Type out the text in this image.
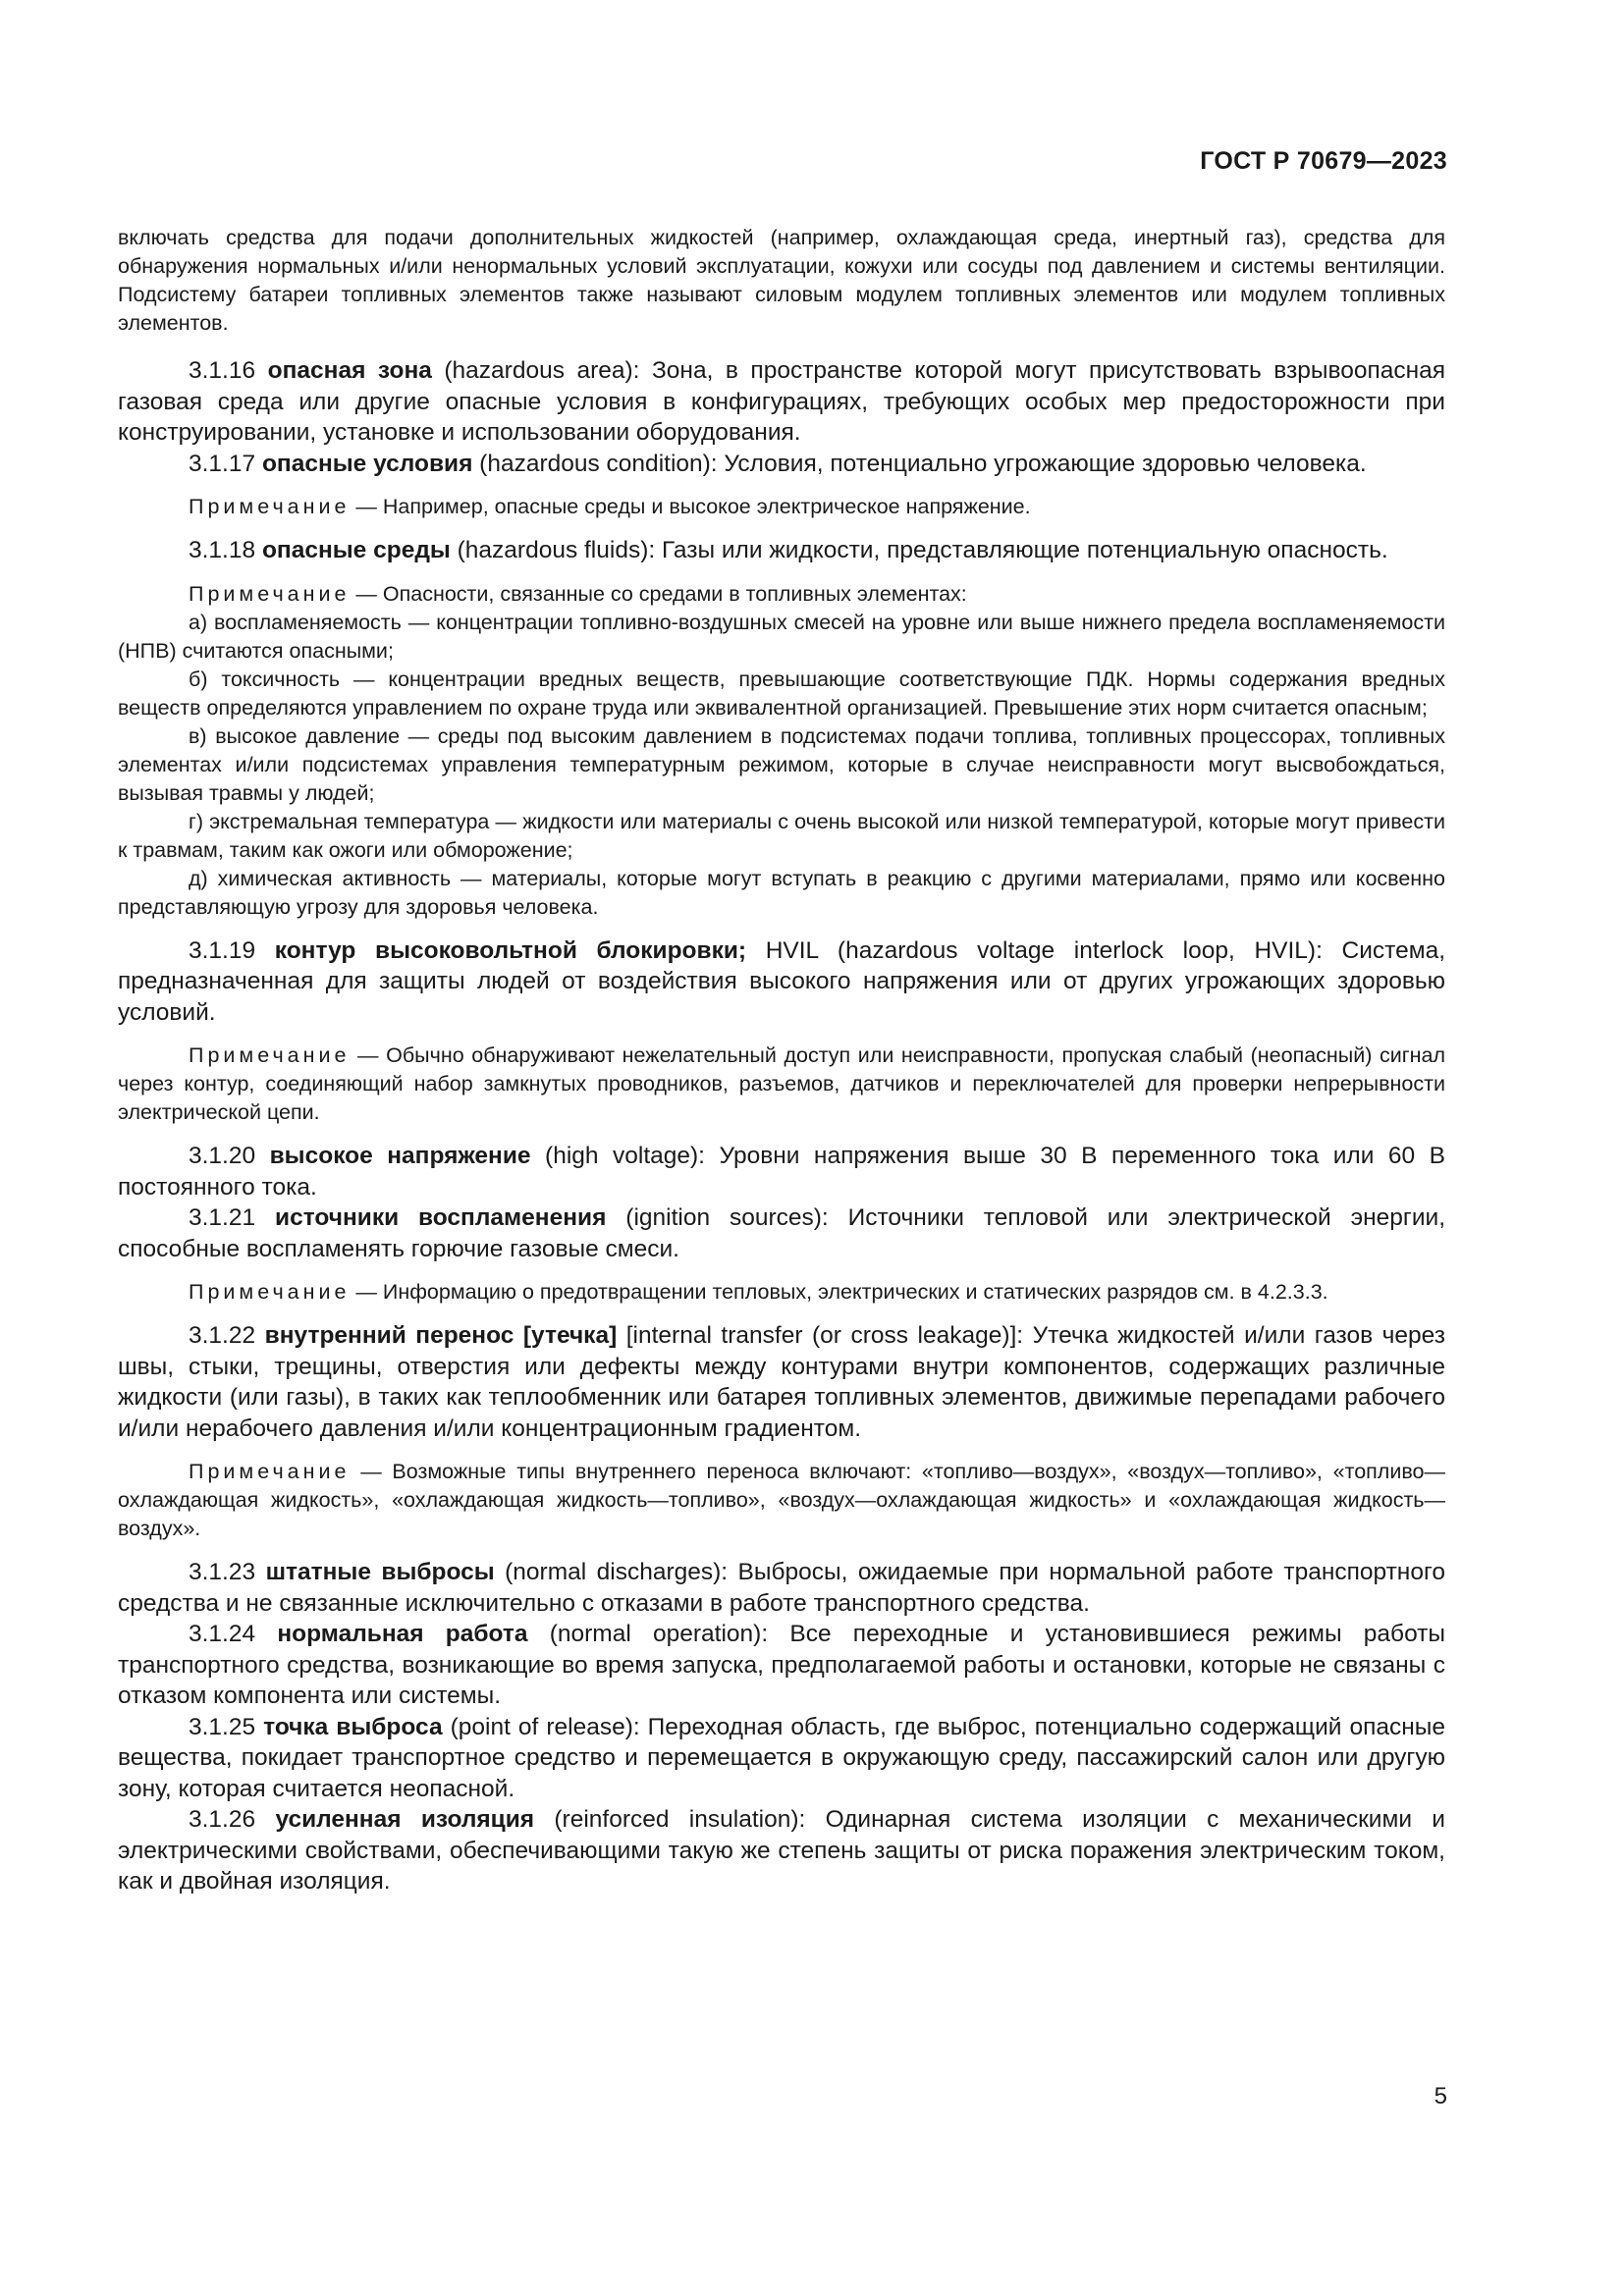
ГОСТ Р 70679—2023

включать средства для подачи дополнительных жидкостей (например, охлаждающая среда, инертный газ), средства для обнаружения нормальных и/или ненормальных условий эксплуатации, кожухи или сосуды под давлением и системы вентиляции. Подсистему батареи топливных элементов также называют силовым модулем топливных элементов или модулем топливных элементов.

3.1.16 опасная зона (hazardous area): Зона, в пространстве которой могут присутствовать взрывоопасная газовая среда или другие опасные условия в конфигурациях, требующих особых мер предосторожности при конструировании, установке и использовании оборудования.

3.1.17 опасные условия (hazardous condition): Условия, потенциально угрожающие здоровью человека.

Примечание — Например, опасные среды и высокое электрическое напряжение.

3.1.18 опасные среды (hazardous fluids): Газы или жидкости, представляющие потенциальную опасность.

Примечание — Опасности, связанные со средами в топливных элементах:

а) воспламеняемость — концентрации топливно-воздушных смесей на уровне или выше нижнего предела воспламеняемости (НПВ) считаются опасными;

б) токсичность — концентрации вредных веществ, превышающие соответствующие ПДК. Нормы содержания вредных веществ определяются управлением по охране труда или эквивалентной организацией. Превышение этих норм считается опасным;

в) высокое давление — среды под высоким давлением в подсистемах подачи топлива, топливных процессорах, топливных элементах и/или подсистемах управления температурным режимом, которые в случае неисправности могут высвобождаться, вызывая травмы у людей;

г) экстремальная температура — жидкости или материалы с очень высокой или низкой температурой, которые могут привести к травмам, таким как ожоги или обморожение;

д) химическая активность — материалы, которые могут вступать в реакцию с другими материалами, прямо или косвенно представляющую угрозу для здоровья человека.

3.1.19 контур высоковольтной блокировки; HVIL (hazardous voltage interlock loop, HVIL): Система, предназначенная для защиты людей от воздействия высокого напряжения или от других угрожающих здоровью условий.

Примечание — Обычно обнаруживают нежелательный доступ или неисправности, пропуская слабый (неопасный) сигнал через контур, соединяющий набор замкнутых проводников, разъемов, датчиков и переключателей для проверки непрерывности электрической цепи.

3.1.20 высокое напряжение (high voltage): Уровни напряжения выше 30 В переменного тока или 60 В постоянного тока.

3.1.21 источники воспламенения (ignition sources): Источники тепловой или электрической энергии, способные воспламенять горючие газовые смеси.

Примечание — Информацию о предотвращении тепловых, электрических и статических разрядов см. в 4.2.3.3.

3.1.22 внутренний перенос [утечка] [internal transfer (or cross leakage)]: Утечка жидкостей и/или газов через швы, стыки, трещины, отверстия или дефекты между контурами внутри компонентов, содержащих различные жидкости (или газы), в таких как теплообменник или батарея топливных элементов, движимые перепадами рабочего и/или нерабочего давления и/или концентрационным градиентом.

Примечание — Возможные типы внутреннего переноса включают: «топливо—воздух», «воздух—топливо», «топливо—охлаждающая жидкость», «охлаждающая жидкость—топливо», «воздух—охлаждающая жидкость» и «охлаждающая жидкость—воздух».

3.1.23 штатные выбросы (normal discharges): Выбросы, ожидаемые при нормальной работе транспортного средства и не связанные исключительно с отказами в работе транспортного средства.

3.1.24 нормальная работа (normal operation): Все переходные и установившиеся режимы работы транспортного средства, возникающие во время запуска, предполагаемой работы и остановки, которые не связаны с отказом компонента или системы.

3.1.25 точка выброса (point of release): Переходная область, где выброс, потенциально содержащий опасные вещества, покидает транспортное средство и перемещается в окружающую среду, пассажирский салон или другую зону, которая считается неопасной.

3.1.26 усиленная изоляция (reinforced insulation): Одинарная система изоляции с механическими и электрическими свойствами, обеспечивающими такую же степень защиты от риска поражения электрическим током, как и двойная изоляция.

5
